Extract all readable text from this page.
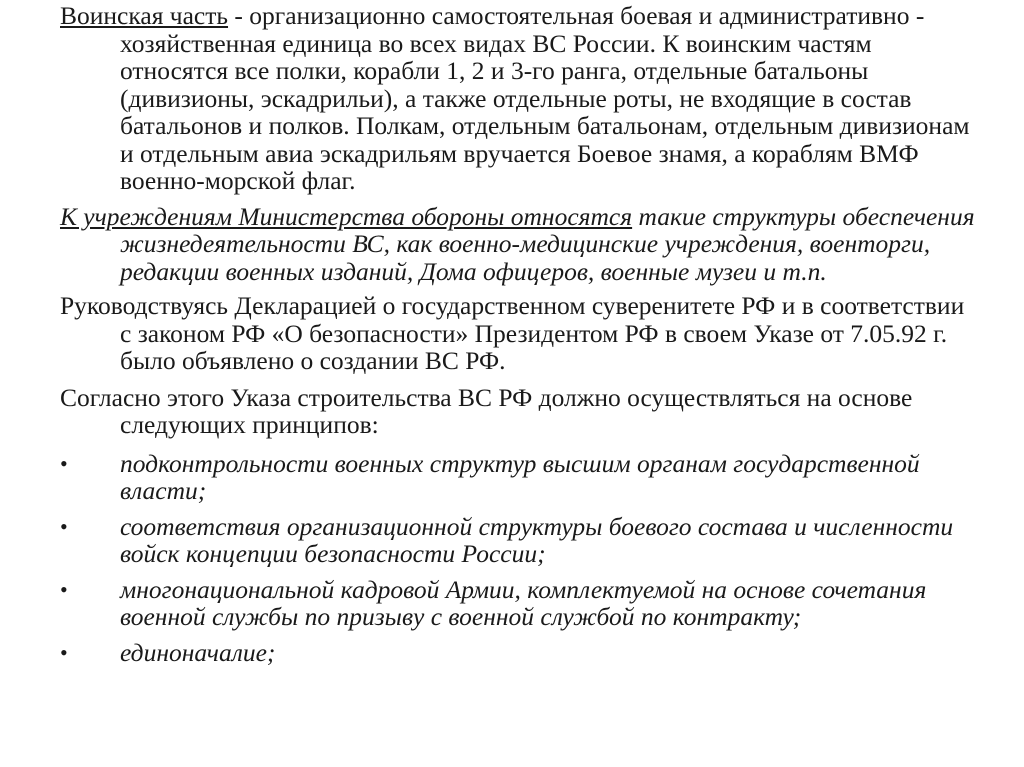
Воинская часть - организационно самостоятельная боевая и административно - хозяйственная единица во всех видах ВС России. К воинским частям относятся все полки, корабли 1, 2 и 3-го ранга, отдельные батальоны (дивизионы, эскадрильи), а также отдельные роты, не входящие в состав батальонов и полков. Полкам, отдельным батальонам, отдельным дивизионам и отдельным авиа эскадрильям вручается Боевое знамя, а кораблям ВМФ военно-морской флаг.

К учреждениям Министерства обороны относятся такие структуры обеспечения жизнедеятельности ВС, как военно-медицинские учреждения, военторги, редакции военных изданий, Дома офицеров, военные музеи и т.п.

Руководствуясь Декларацией о государственном суверенитете РФ и в соответствии с законом РФ «О безопасности» Президентом РФ в своем Указе от 7.05.92 г. было объявлено о создании ВС РФ.

Согласно этого Указа строительства ВС РФ должно осуществляться на основе следующих принципов:

• подконтрольности военных структур высшим органам государственной власти;
• соответствия организационной структуры боевого состава и численности войск концепции безопасности России;
• многонациональной кадровой Армии, комплектуемой на основе сочетания военной службы по призыву с военной службой по контракту;
• единоначалие;
